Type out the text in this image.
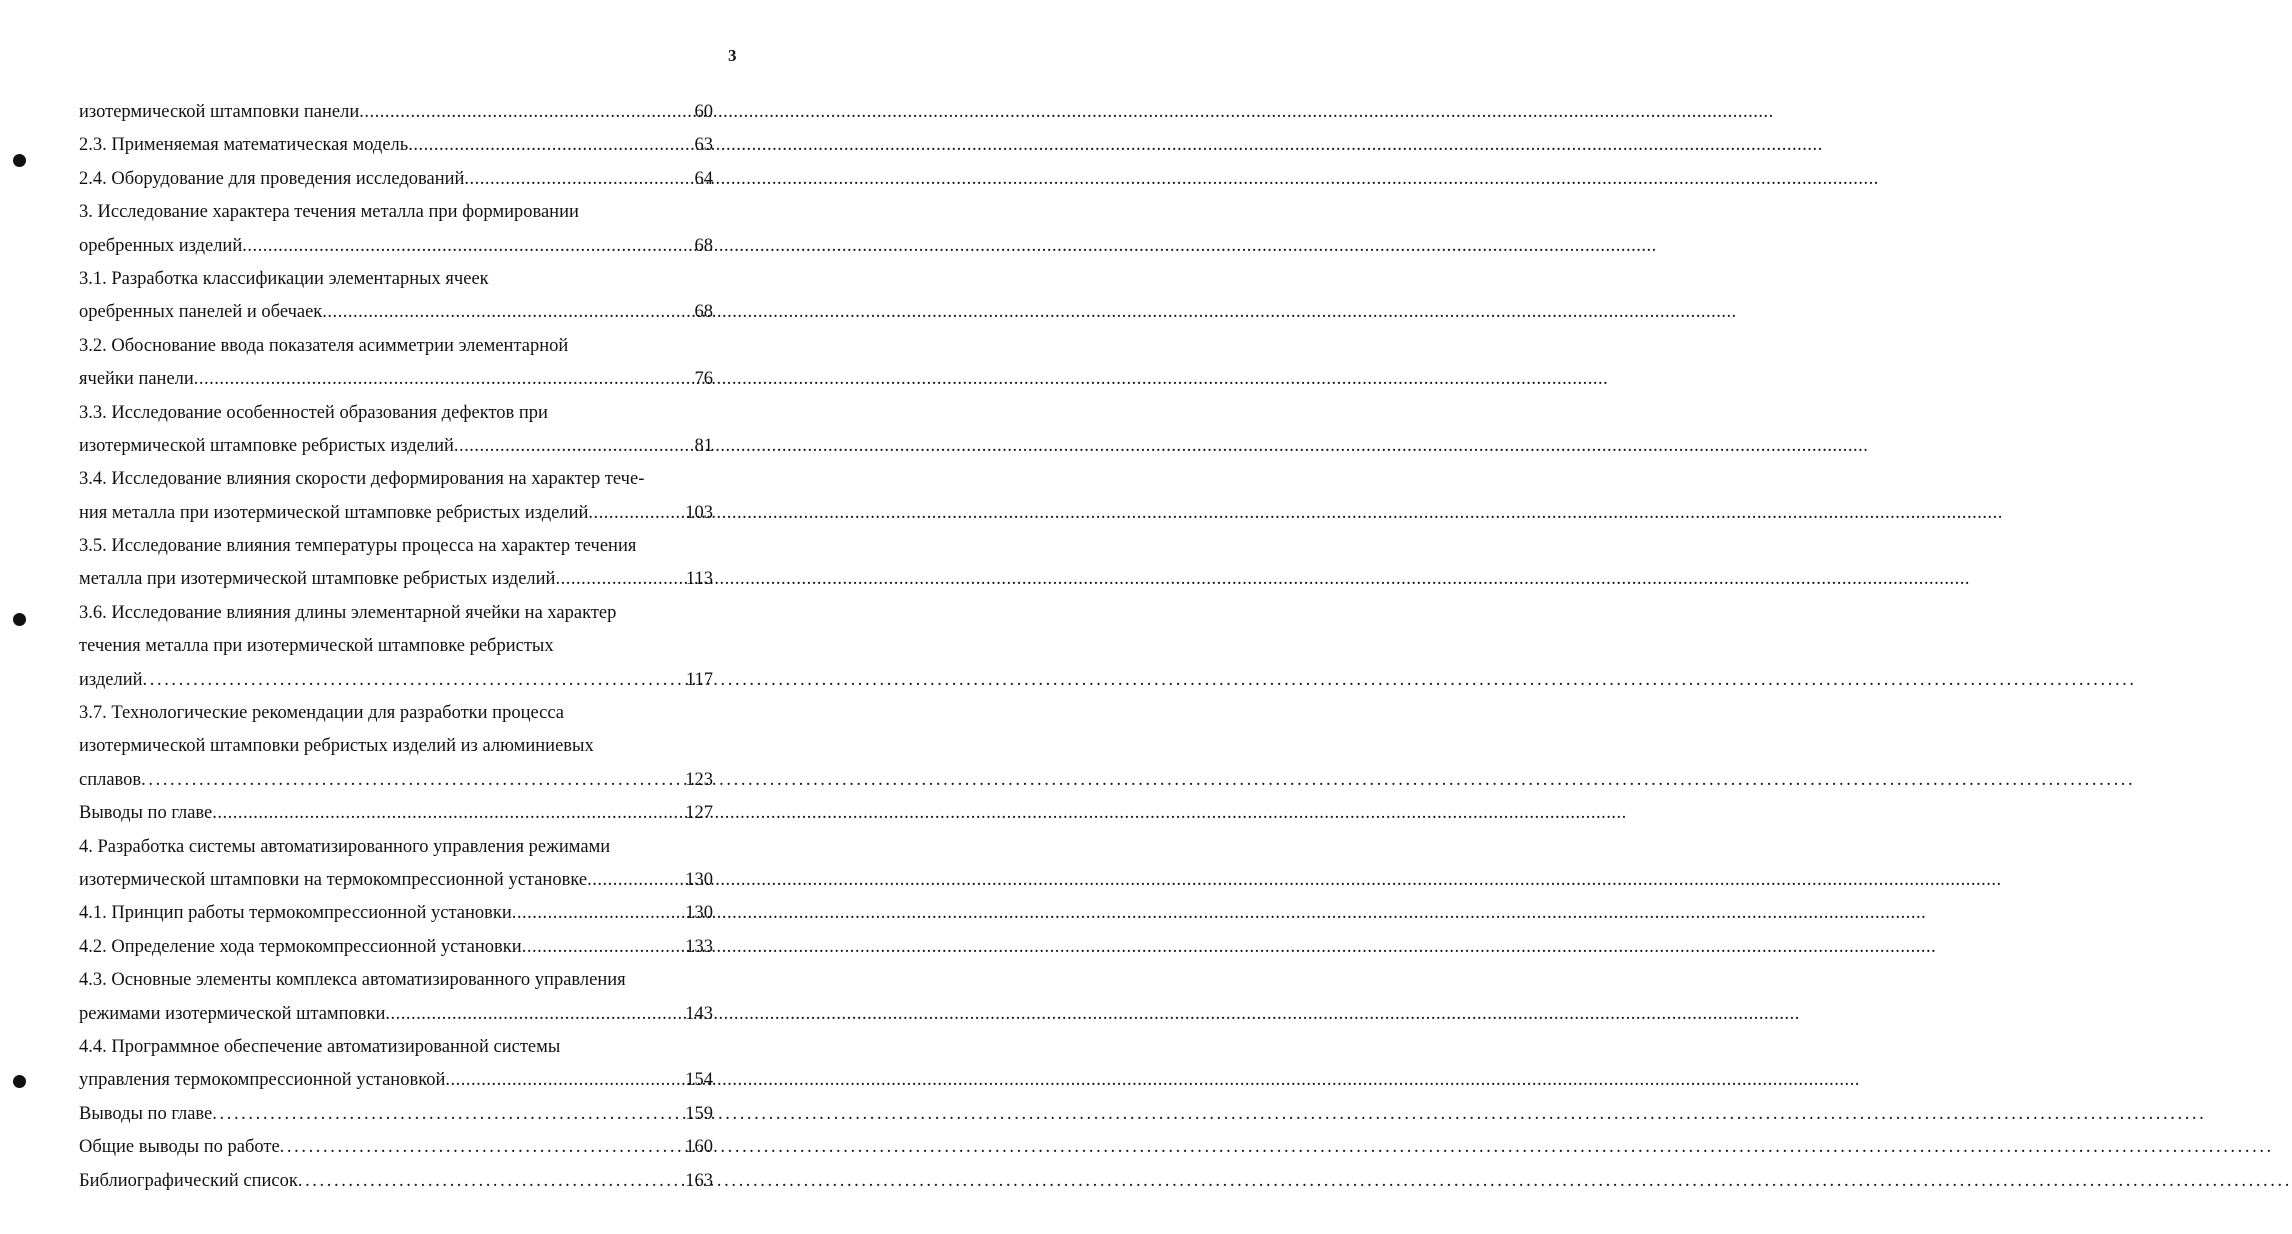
3
изотермической штамповки панели .....	60
2.3. Применяемая математическая модель .....	63
2.4. Оборудование для проведения исследований .....	64
3. Исследование характера течения металла при формировании
оребренных изделий .....	68
3.1. Разработка классификации элементарных ячеек
оребренных панелей и обечаек .....	68
3.2. Обоснование ввода показателя асимметрии элементарной
ячейки панели .....	76
3.3. Исследование особенностей образования дефектов при
изотермической штамповке ребристых изделий .....	81
3.4. Исследование влияния скорости деформирования на характер тече-
ния металла при изотермической штамповке ребристых изделий .....	103
3.5. Исследование влияния температуры процесса на характер течения
металла при изотермической штамповке ребристых изделий .....	113
3.6. Исследование влияния длины элементарной ячейки на характер
течения металла при изотермической штамповке ребристых
изделий .....	117
3.7. Технологические рекомендации для разработки процесса
изотермической штамповки ребристых изделий из алюминиевых
сплавов .....	123
Выводы по главе .....	127
4. Разработка системы автоматизированного управления режимами
изотермической штамповки на термокомпрессионной установке .....	130
4.1. Принцип работы термокомпрессионной установки .....	130
4.2. Определение хода термокомпрессионной установки .....	133
4.3. Основные элементы комплекса автоматизированного управления
режимами изотермической штамповки .....	143
4.4. Программное обеспечение автоматизированной системы
управления термокомпрессионной установкой .....	154
Выводы по главе .....	159
Общие выводы по работе .....	160
Библиографический список .....	163
